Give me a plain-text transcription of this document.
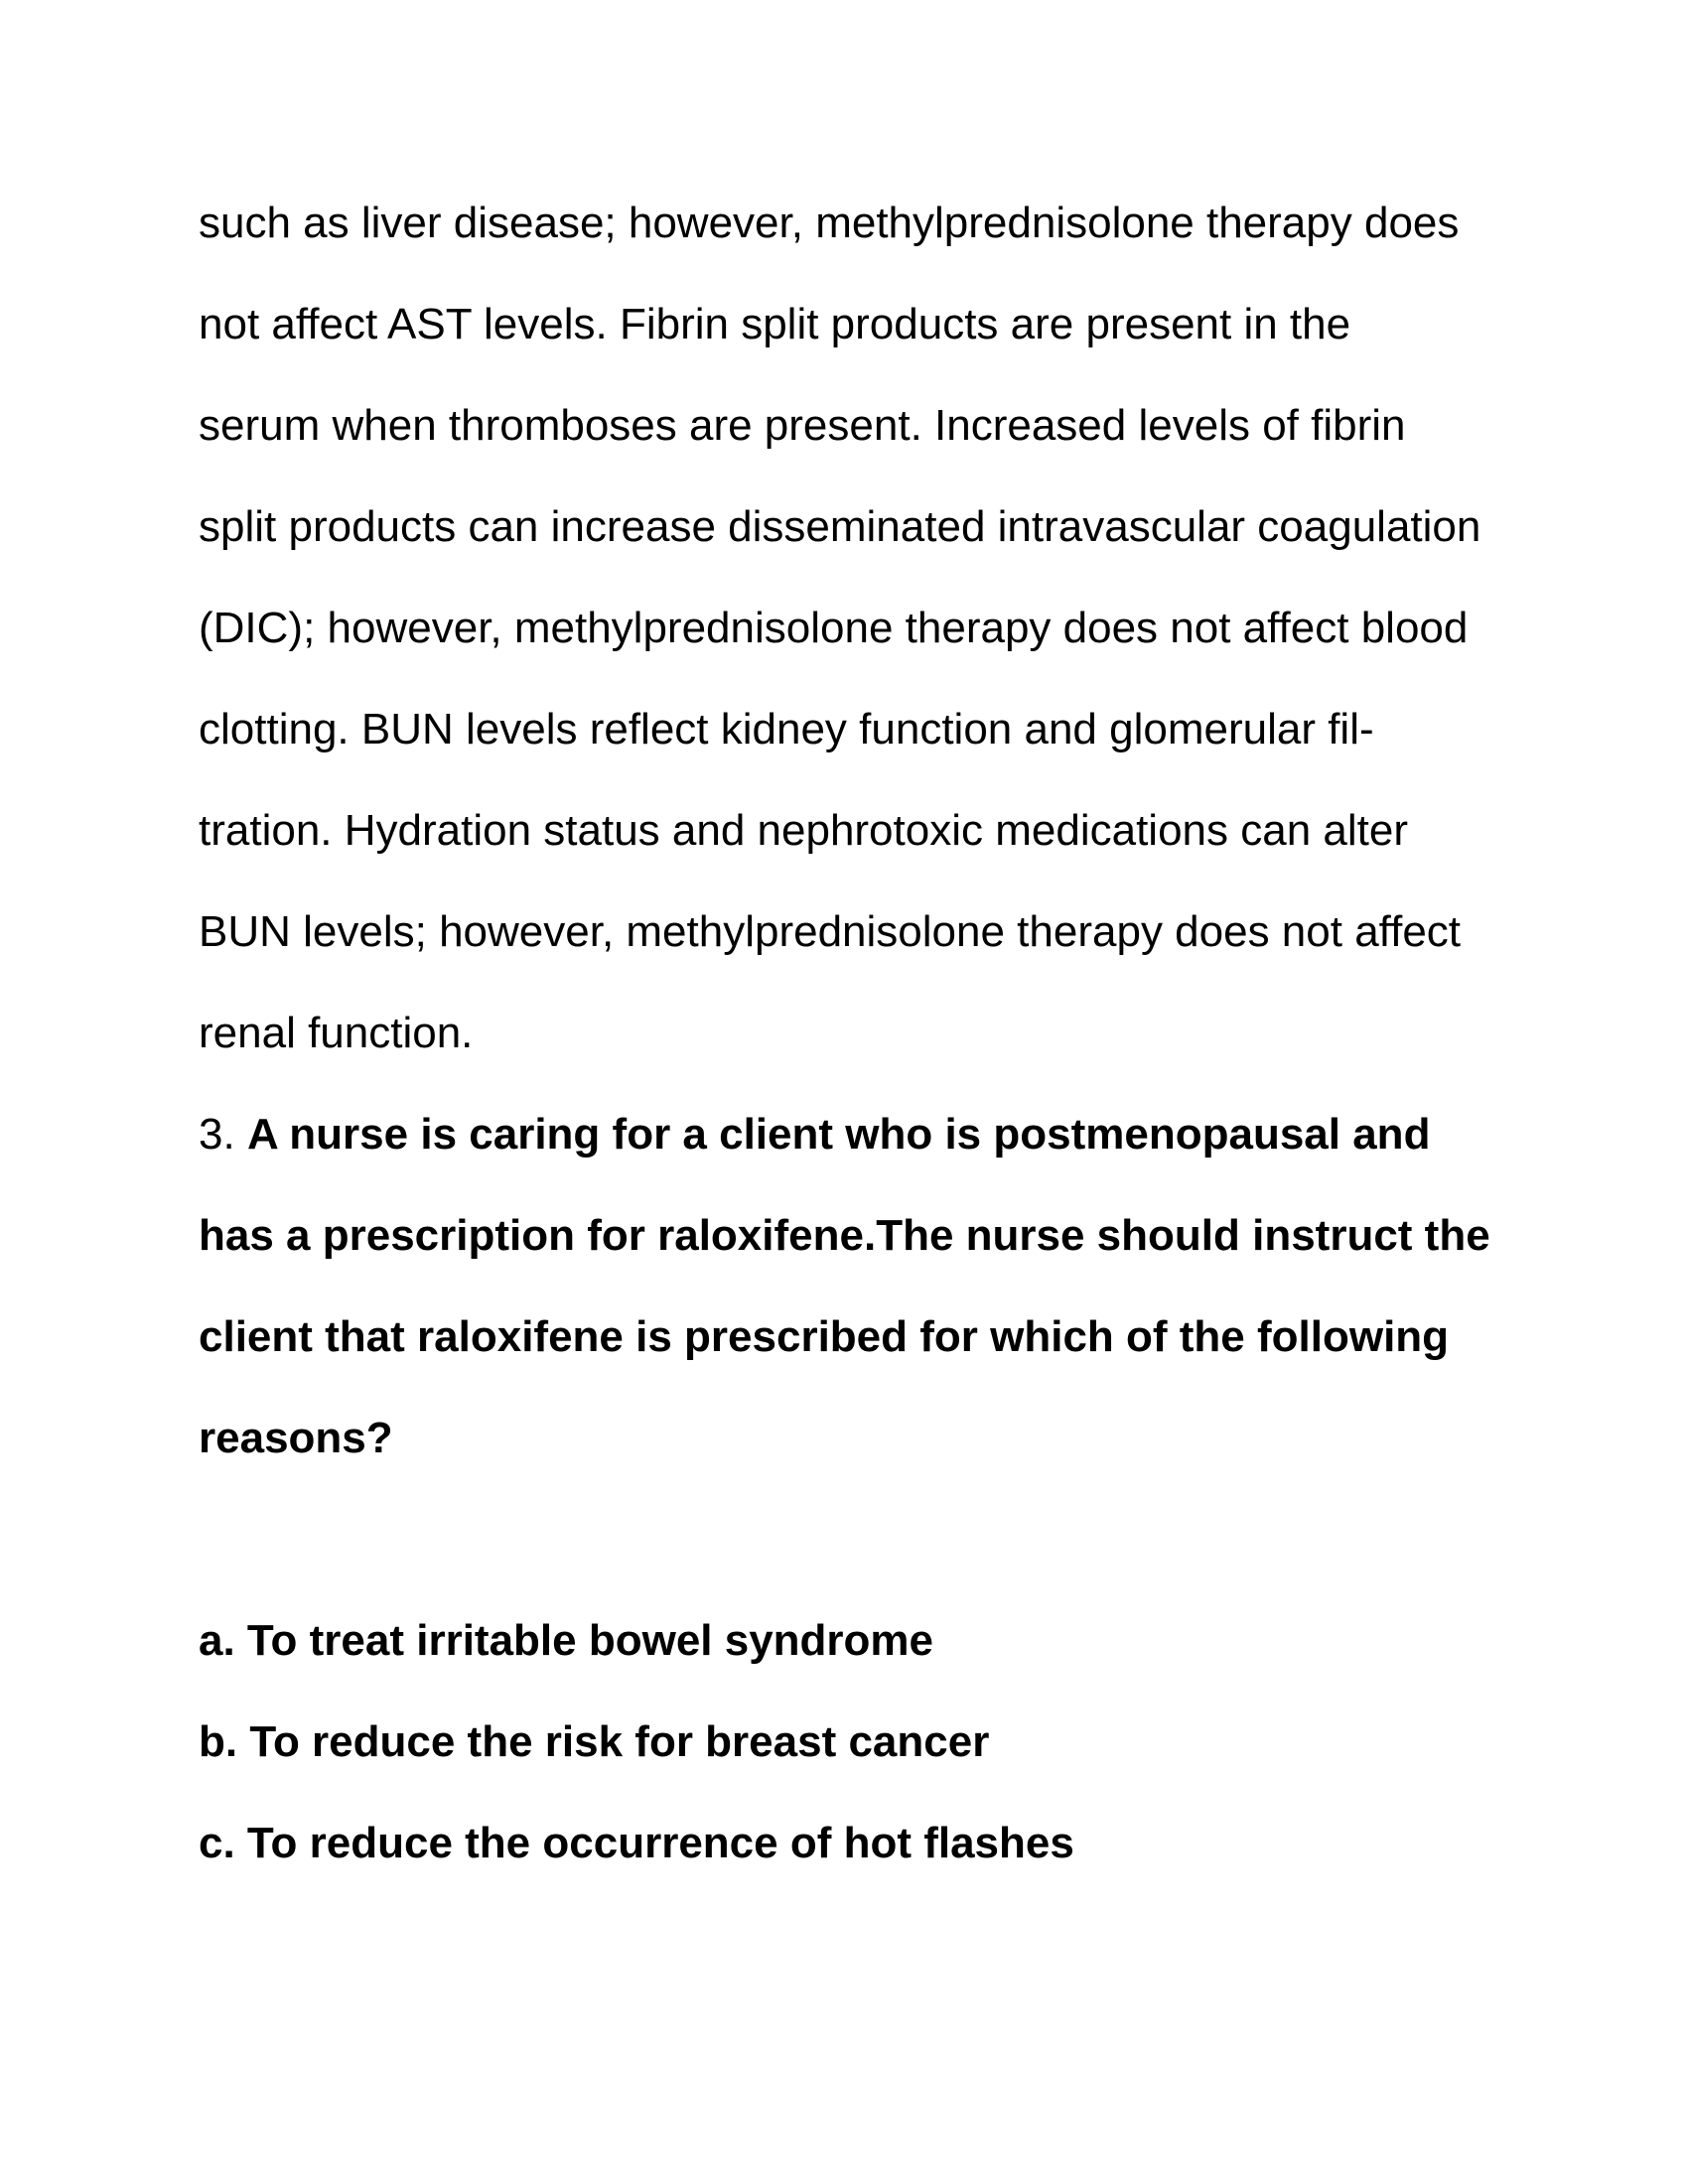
such as liver disease; however, methylprednisolone therapy does
not affect AST levels. Fibrin split products are present in the
serum when thromboses are present. Increased levels of fibrin
split products can increase disseminated intravascular coagulation
(DIC); however, methylprednisolone therapy does not affect blood
clotting. BUN levels reflect kidney function and glomerular fil-
tration. Hydration status and nephrotoxic medications can alter
BUN levels; however, methylprednisolone therapy does not affect
renal function.
3. A nurse is caring for a client who is postmenopausal and
has a prescription for raloxifene.The nurse should instruct the
client that raloxifene is prescribed for which of the following
reasons?
a. To treat irritable bowel syndrome
b. To reduce the risk for breast cancer
c. To reduce the occurrence of hot flashes
